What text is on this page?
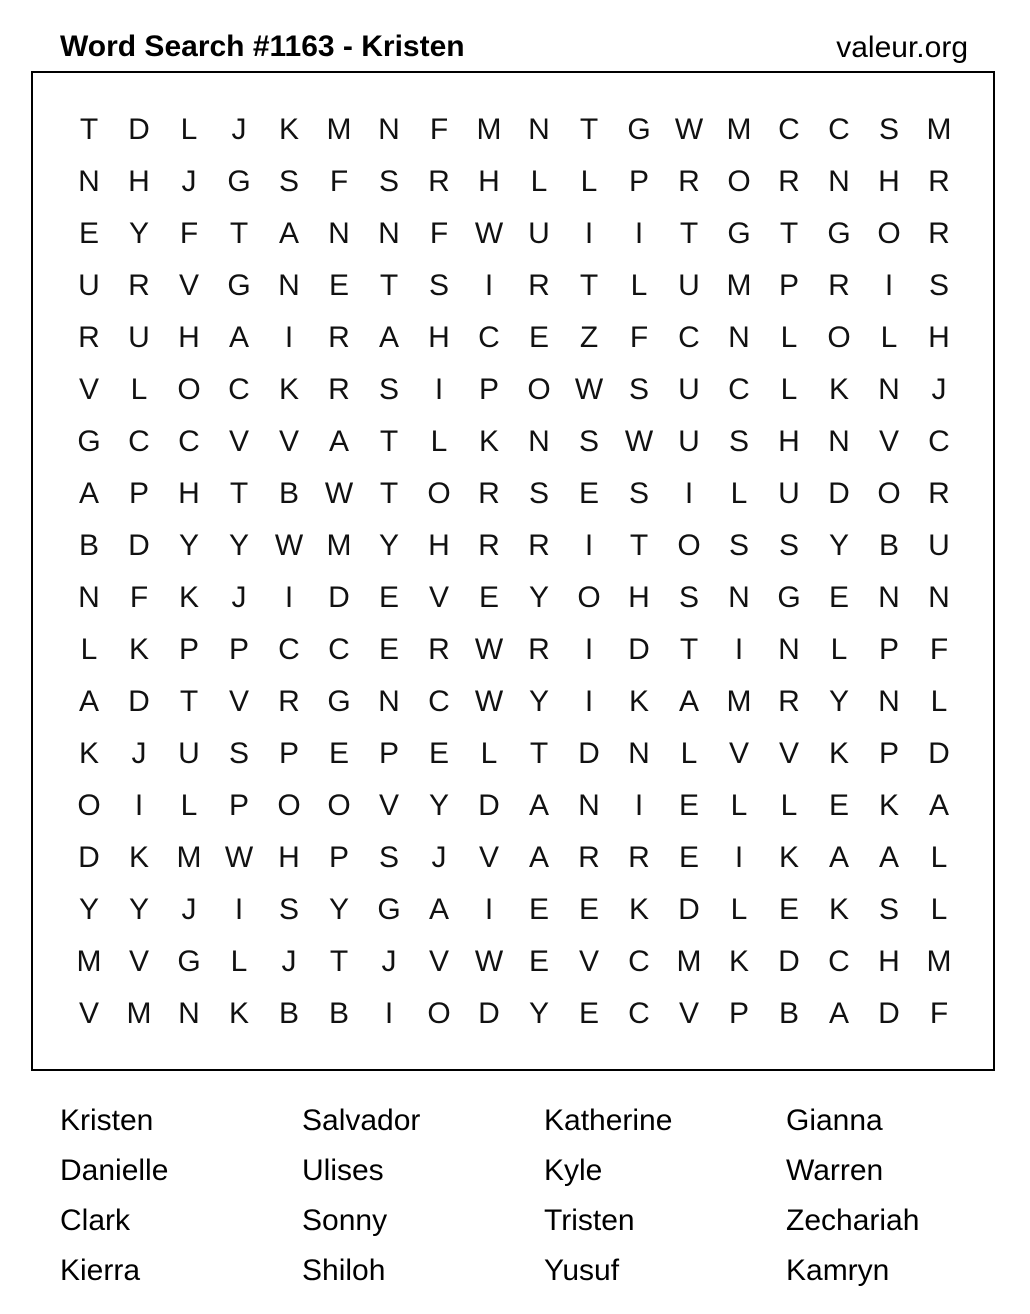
Word Search #1163 - Kristen	valeur.org
T	D	L	J	K M N	F M N	T G W M C C S M
N H	J	G S	F	S R H	L	L	P R O R N H R
E Y	F	T	A N N	F W U	I	I	T G T G O R
U R V G N E	T	S	I	R	T	L	U M P R	I	S
R U H A	I	R A H C E	Z	F	C N	L O L	H
V	L O C K R S	I	P O W S U C	L	K N	J
G C C V V A	T	L	K N S W U S H N V C
A P H	T	B W T O R S E S	I	L	U D O R
B D Y Y W M Y H R R	I	T O S S Y B U
N	F	K	J	I	D E V E Y O H S N G E N N
L	K P P C C E R W R	I	D	T	I	N	L	P	F
A D	T	V R G N C W Y	I	K A M R Y N	L
K	J	U S P E P E	L	T	D N	L	V V K P D
O	I	L	P O O V Y D A N	I	E	L	L	E K A
D K M W H P S	J	V A R R E	I	K A A	L
Y Y	J	I	S Y G A	I	E E K D	L	E K S	L
M V G L	J	T	J	V W E V C M K D C H M
V M N K B B	I	O D Y E C V P B A D	F
Kristen	Salvador	Katherine	Gianna
Danielle	Ulises	Kyle	Warren
Clark	Sonny	Tristen	Zechariah
Kierra	Shiloh	Yusuf	Kamryn
